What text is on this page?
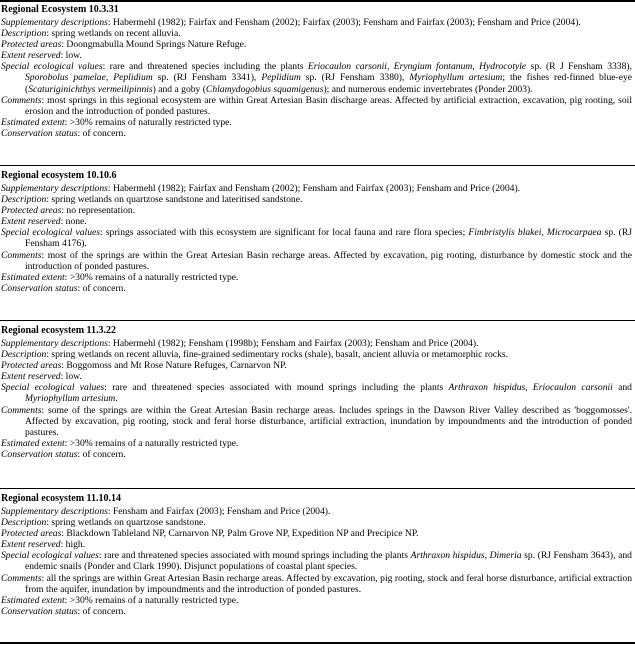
Regional Ecosystem 10.3.31
Supplementary descriptions: Habermehl (1982); Fairfax and Fensham (2002); Fairfax (2003); Fensham and Fairfax (2003); Fensham and Price (2004).
Description: spring wetlands on recent alluvia.
Protected areas: Doongmabulla Mound Springs Nature Refuge.
Extent reserved: low.
Special ecological values: rare and threatened species including the plants Eriocaulon carsonii, Eryngium fontanum, Hydrocotyle sp. (R J Fensham 3338), Sporobolus pamelae, Peplidium sp. (RJ Fensham 3341), Peplidium sp. (RJ Fensham 3380), Myriophyllum artesium; the fishes red-finned blue-eye (Scaturiginichthys vermeilipinnis) and a goby (Chlamydogobius squamigenus); and numerous endemic invertebrates (Ponder 2003).
Comments: most springs in this regional ecosystem are within Great Artesian Basin discharge areas. Affected by artificial extraction, excavation, pig rooting, soil erosion and the introduction of ponded pastures.
Estimated extent: >30% remains of naturally restricted type.
Conservation status: of concern.
Regional ecosystem 10.10.6
Supplementary descriptions: Habermehl (1982); Fairfax and Fensham (2002); Fensham and Fairfax (2003); Fensham and Price (2004).
Description: spring wetlands on quartzose sandstone and lateritised sandstone.
Protected areas: no representation.
Extent reserved: none.
Special ecological values: springs associated with this ecosystem are significant for local fauna and rare flora species; Fimbristylis blakei, Microcarpaea sp. (RJ Fensham 4176).
Comments: most of the springs are within the Great Artesian Basin recharge areas. Affected by excavation, pig rooting, disturbance by domestic stock and the introduction of ponded pastures.
Estimated extent: >30% remains of a naturally restricted type.
Conservation status: of concern.
Regional ecosystem 11.3.22
Supplementary descriptions: Habermehl (1982); Fensham (1998b); Fensham and Fairfax (2003); Fensham and Price (2004).
Description: spring wetlands on recent alluvia, fine-grained sedimentary rocks (shale), basalt, ancient alluvia or metamorphic rocks.
Protected areas: Boggomoss and Mt Rose Nature Refuges, Carnarvon NP.
Extent reserved: low.
Special ecological values: rare and threatened species associated with mound springs including the plants Arthraxon hispidus, Eriocaulon carsonii and Myriophyllum artesium.
Comments: some of the springs are within the Great Artesian Basin recharge areas. Includes springs in the Dawson River Valley described as 'boggomosses'. Affected by excavation, pig rooting, stock and feral horse disturbance, artificial extraction, inundation by impoundments and the introduction of ponded pastures.
Estimated extent: >30% remains of a naturally restricted type.
Conservation status: of concern.
Regional ecosystem 11.10.14
Supplementary descriptions: Fensham and Fairfax (2003); Fensham and Price (2004).
Description: spring wetlands on quartzose sandstone.
Protected areas: Blackdown Tableland NP, Carnarvon NP, Palm Grove NP, Expedition NP and Precipice NP.
Extent reserved: high.
Special ecological values: rare and threatened species associated with mound springs including the plants Arthraxon hispidus, Dimeria sp. (RJ Fensham 3643), and endemic snails (Ponder and Clark 1990). Disjunct populations of coastal plant species.
Comments: all the springs are within Great Artesian Basin recharge areas. Affected by excavation, pig rooting, stock and feral horse disturbance, artificial extraction from the aquifer, inundation by impoundments and the introduction of ponded pastures.
Estimated extent: >30% remains of a naturally restricted type.
Conservation status: of concern.
